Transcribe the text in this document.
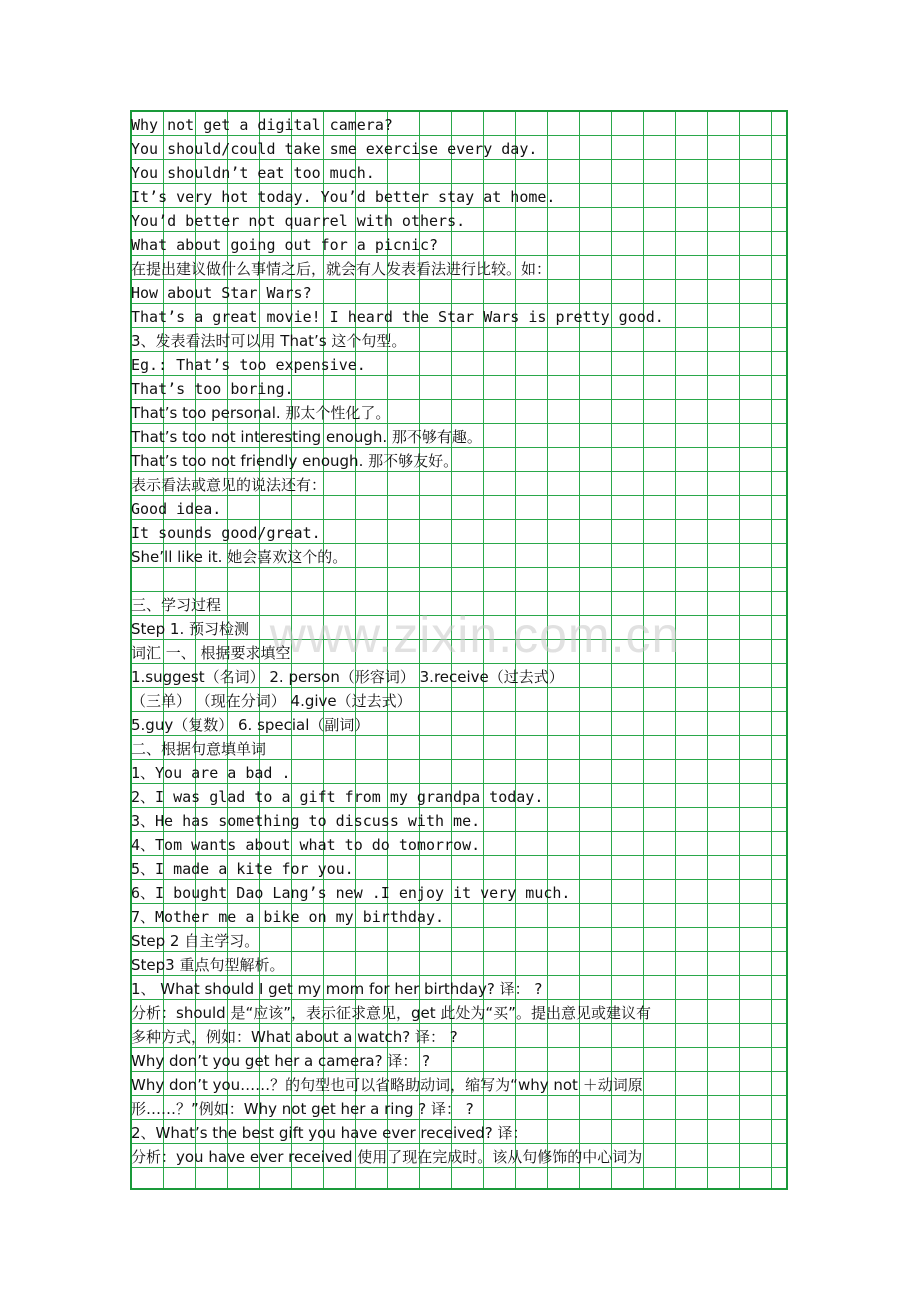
www.zixin.com.cn
Why not get a digital camera?
You should/could take sme exercise every day.
You shouldn’t eat too much.
It’s very hot today. You’d better stay at home.
You’d better not quarrel with others.
What about going out for a picnic?
在提出建议做什么事情之后，就会有人发表看法进行比较。如：
How about Star Wars?
That’s a great movie! I heard the Star Wars is pretty good.
3、发表看法时可以用 That’s 这个句型。
Eg.: That’s too expensive.
That’s too boring.
That’s too personal. 那太个性化了。
That’s too not interesting enough. 那不够有趣。
That’s too not friendly enough. 那不够友好。
表示看法或意见的说法还有：
Good idea.
It sounds good/great.
She’ll like it. 她会喜欢这个的。
三、学习过程
Step 1. 预习检测
词汇 一、 根据要求填空
1.suggest（名词） 2. person（形容词） 3.receive（过去式）
（三单） （现在分词） 4.give（过去式）
5.guy（复数） 6. special（副词）
二、根据句意填单词
1、You are a bad .
2、I was glad to a gift from my grandpa today.
3、He has something to discuss with me.
4、Tom wants about what to do tomorrow.
5、I made a kite for you.
6、I bought Dao Lang’s new .I enjoy it very much.
7、Mother me a bike on my birthday.
Step 2 自主学习。
Step3 重点句型解析。
1、 What should I get my mom for her birthday? 译： ?
分析：should 是“应该”，表示征求意见，get 此处为“买”。提出意见或建议有
多种方式，例如：What about a watch? 译： ?
Why don’t you get her a camera? 译： ?
Why don’t you……？的句型也可以省略助动词，缩写为“why not ＋动词原
形……？”例如：Why not get her a ring ? 译： ?
2、What’s the best gift you have ever received? 译：
分析：you have ever received 使用了现在完成时。该从句修饰的中心词为
